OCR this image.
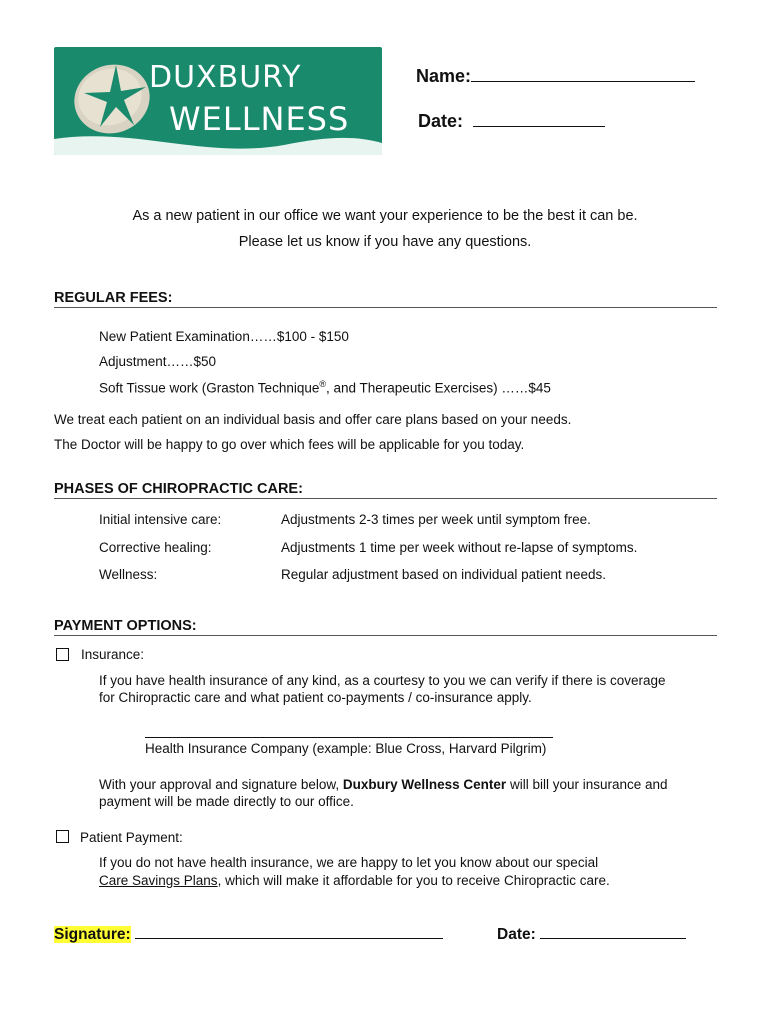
DUXBURY
WELLNESS
Name:
Date:
As a new patient in our office we want your experience to be the best it can be.
Please let us know if you have any questions.
REGULAR FEES:
New Patient Examination……$100 - $150
Adjustment……$50
Soft Tissue work (Graston Technique®, and Therapeutic Exercises) ……$45
We treat each patient on an individual basis and offer care plans based on your needs.
The Doctor will be happy to go over which fees will be applicable for you today.
PHASES OF CHIROPRACTIC CARE:
Initial intensive care:	Adjustments 2-3 times per week until symptom free.
Corrective healing:	Adjustments 1 time per week without re-lapse of symptoms.
Wellness:	Regular adjustment based on individual patient needs.
PAYMENT OPTIONS:
Insurance:
If you have health insurance of any kind, as a courtesy to you we can verify if there is coverage
for Chiropractic care and what patient co-payments / co-insurance apply.
Health Insurance Company (example: Blue Cross, Harvard Pilgrim)
With your approval and signature below, Duxbury Wellness Center will bill your insurance and
payment will be made directly to our office.
Patient Payment:
If you do not have health insurance, we are happy to let you know about our special
Care Savings Plans, which will make it affordable for you to receive Chiropractic care.
Signature:	Date:
